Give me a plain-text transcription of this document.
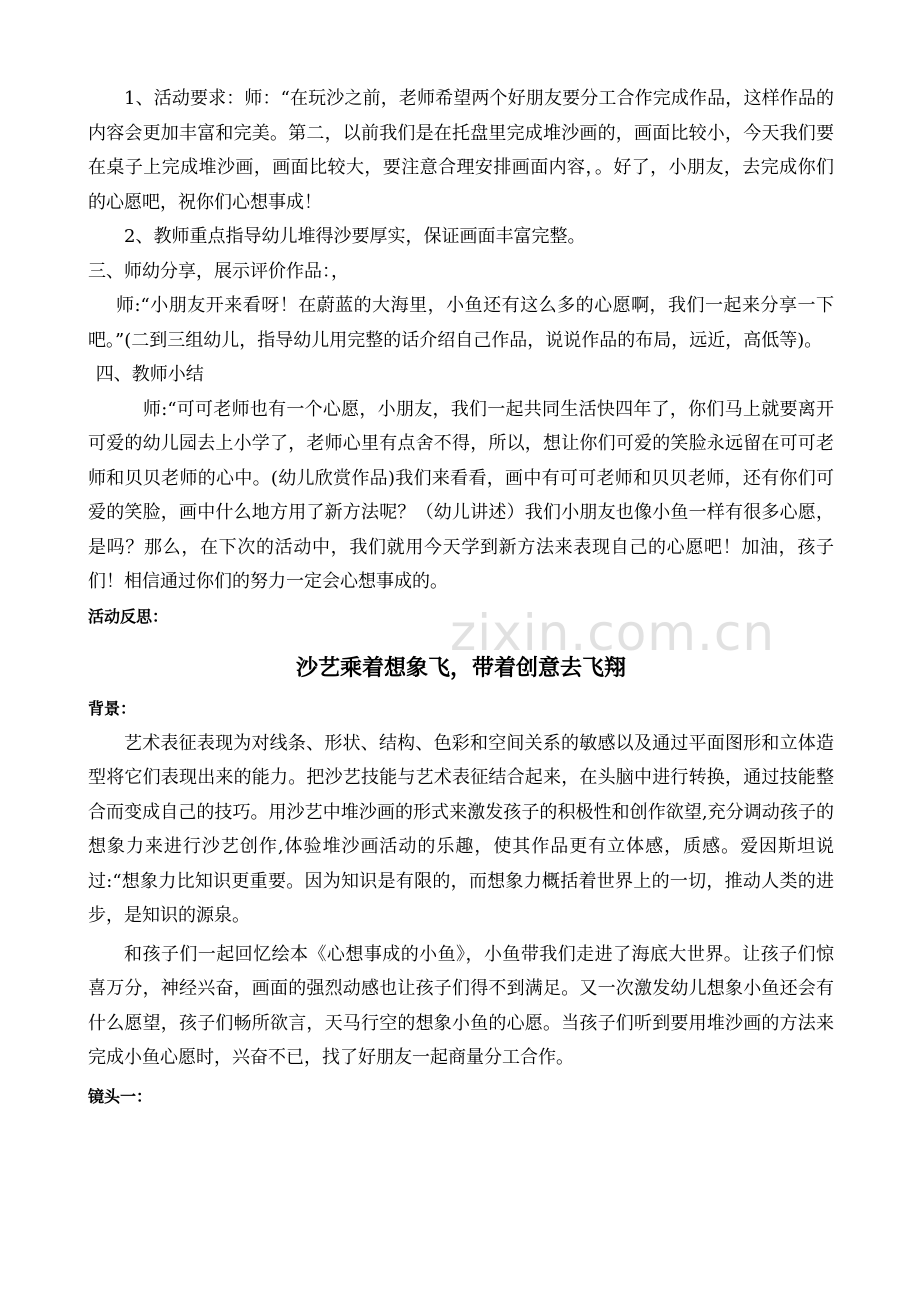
1、活动要求：师：“在玩沙之前，老师希望两个好朋友要分工合作完成作品，这样作品的内容会更加丰富和完美。第二，以前我们是在托盘里完成堆沙画的，画面比较小，今天我们要在桌子上完成堆沙画，画面比较大，要注意合理安排画面内容，。好了，小朋友，去完成你们的心愿吧，祝你们心想事成！

2、教师重点指导幼儿堆得沙要厚实，保证画面丰富完整。

三、师幼分享，展示评价作品：，

师:“小朋友开来看呀！在蔚蓝的大海里，小鱼还有这么多的心愿啊，我们一起来分享一下吧。”(二到三组幼儿，指导幼儿用完整的话介绍自己作品，说说作品的布局，远近，高低等)。

四、教师小结

师:“可可老师也有一个心愿，小朋友，我们一起共同生活快四年了，你们马上就要离开可爱的幼儿园去上小学了，老师心里有点舍不得，所以，想让你们可爱的笑脸永远留在可可老师和贝贝老师的心中。(幼儿欣赏作品)我们来看看，画中有可可老师和贝贝老师，还有你们可爱的笑脸，画中什么地方用了新方法呢？（幼儿讲述）我们小朋友也像小鱼一样有很多心愿，是吗？那么，在下次的活动中，我们就用今天学到新方法来表现自己的心愿吧！加油，孩子们！相信通过你们的努力一定会心想事成的。

活动反思：

沙艺乘着想象飞，带着创意去飞翔

背景：

艺术表征表现为对线条、形状、结构、色彩和空间关系的敏感以及通过平面图形和立体造型将它们表现出来的能力。把沙艺技能与艺术表征结合起来，在头脑中进行转换，通过技能整合而变成自己的技巧。用沙艺中堆沙画的形式来激发孩子的积极性和创作欲望,充分调动孩子的想象力来进行沙艺创作,体验堆沙画活动的乐趣，使其作品更有立体感，质感。爱因斯坦说过:“想象力比知识更重要。因为知识是有限的，而想象力概括着世界上的一切，推动人类的进步，是知识的源泉。

和孩子们一起回忆绘本《心想事成的小鱼》，小鱼带我们走进了海底大世界。让孩子们惊喜万分，神经兴奋，画面的强烈动感也让孩子们得不到满足。又一次激发幼儿想象小鱼还会有什么愿望，孩子们畅所欲言，天马行空的想象小鱼的心愿。当孩子们听到要用堆沙画的方法来完成小鱼心愿时，兴奋不已，找了好朋友一起商量分工合作。

镜头一：

zixin.com.cn
